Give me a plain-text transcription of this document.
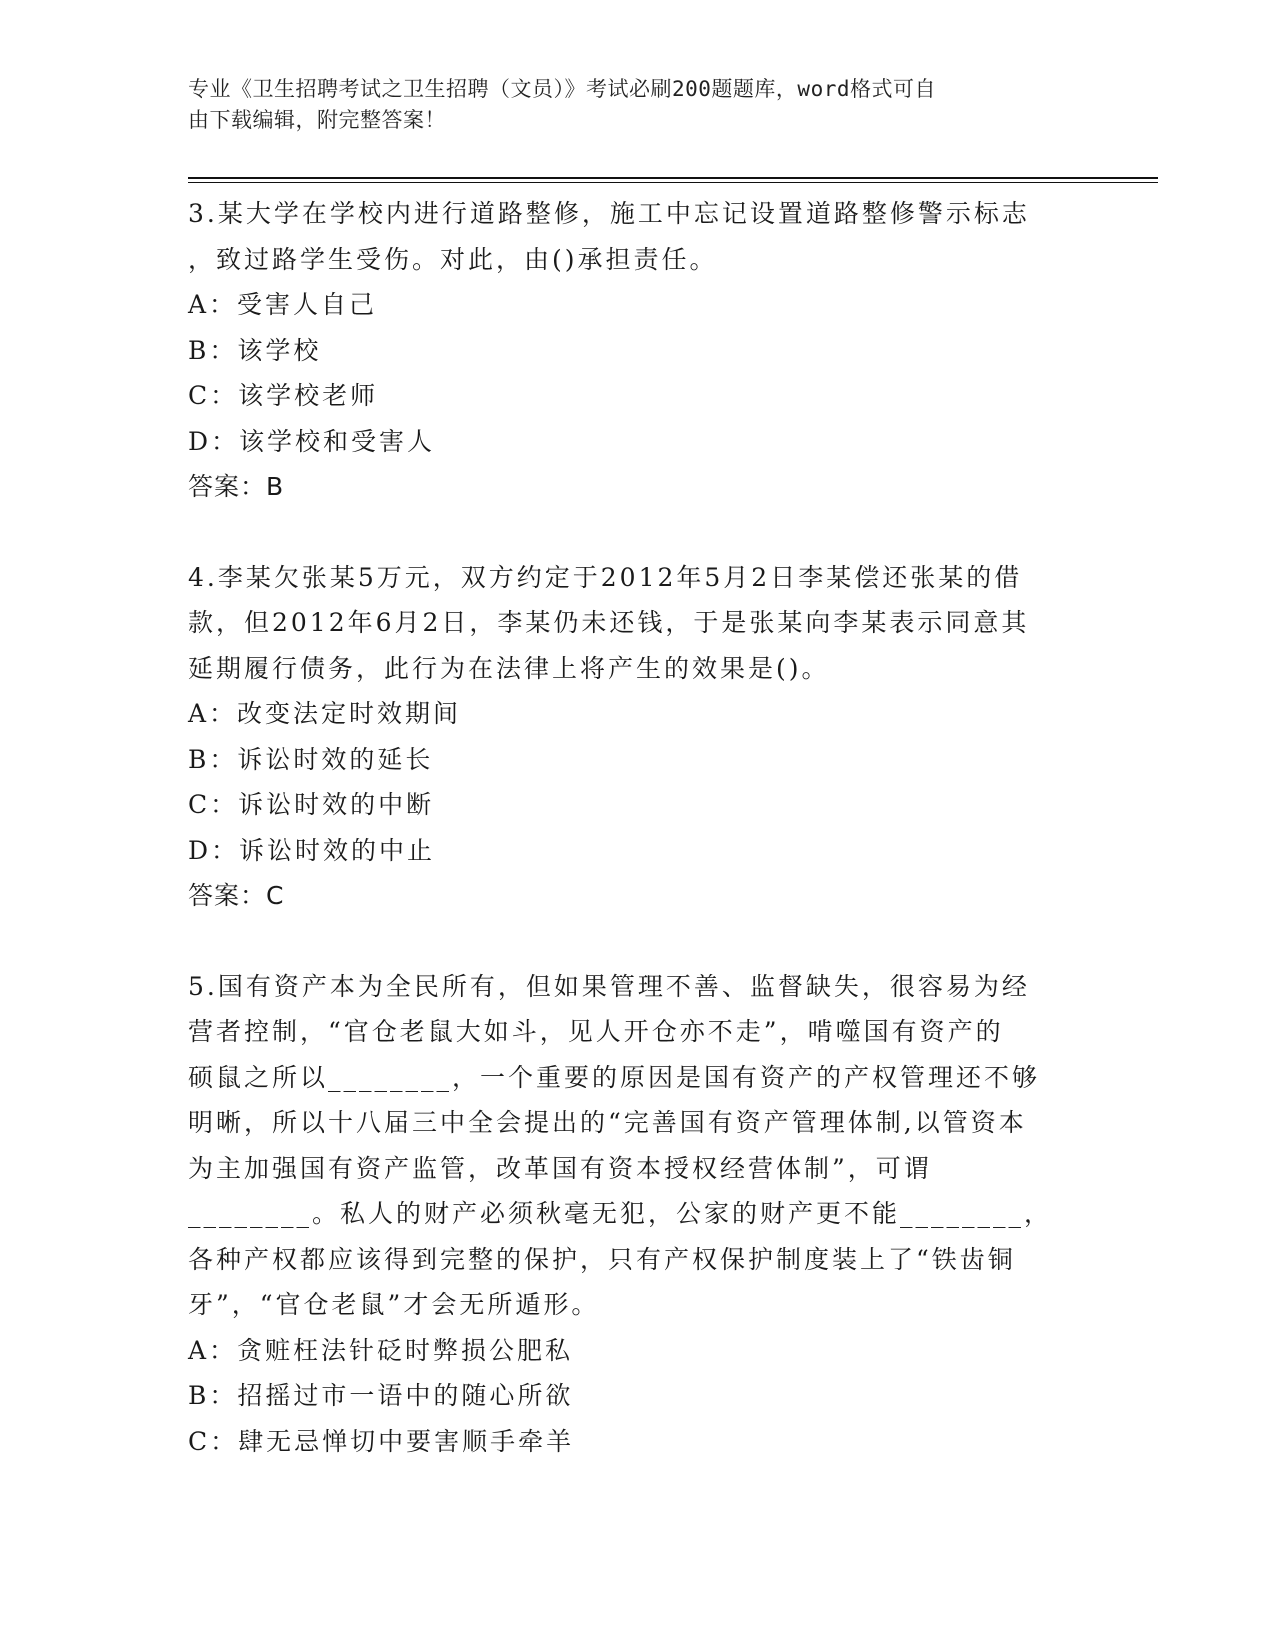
专业《卫生招聘考试之卫生招聘（文员）》考试必刷200题题库，word格式可自
由下载编辑，附完整答案！
3.某大学在学校内进行道路整修，施工中忘记设置道路整修警示标志
，致过路学生受伤。对此，由()承担责任。
A：受害人自己
B：该学校
C：该学校老师
D：该学校和受害人
答案：B
4.李某欠张某5万元，双方约定于2012年5月2日李某偿还张某的借
款，但2012年6月2日，李某仍未还钱，于是张某向李某表示同意其
延期履行债务，此行为在法律上将产生的效果是()。
A：改变法定时效期间
B：诉讼时效的延长
C：诉讼时效的中断
D：诉讼时效的中止
答案：C
5.国有资产本为全民所有，但如果管理不善、监督缺失，很容易为经
营者控制，“官仓老鼠大如斗，见人开仓亦不走”，啃噬国有资产的
硕鼠之所以________，一个重要的原因是国有资产的产权管理还不够
明晰，所以十八届三中全会提出的“完善国有资产管理体制,以管资本
为主加强国有资产监管，改革国有资本授权经营体制”，可谓
________。私人的财产必须秋毫无犯，公家的财产更不能________，
各种产权都应该得到完整的保护，只有产权保护制度装上了“铁齿铜
牙”，“官仓老鼠”才会无所遁形。
A：贪赃枉法针砭时弊损公肥私
B：招摇过市一语中的随心所欲
C：肆无忌惮切中要害顺手牵羊
